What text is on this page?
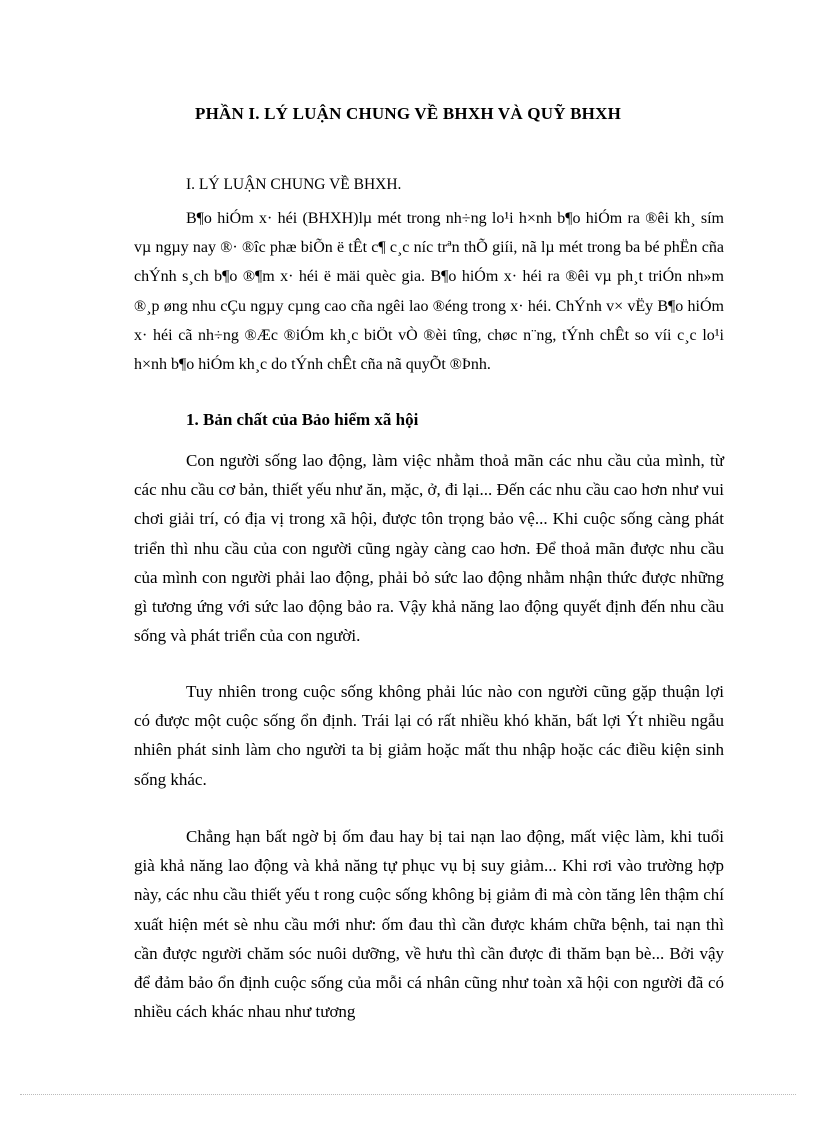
PHẦN I. LÝ LUẬN CHUNG VỀ BHXH VÀ QUỸ BHXH
I. LÝ LUẬN CHUNG VỀ BHXH.

B¶o hiÓm x· héi (BHXH)lµ mét trong nh÷ng lo¹i h×nh b¶o hiÓm ra ®êi kh¸ sím vµ ngµy nay ®· ®îc phæ biÕn ë tÊt c¶ c¸c níc trªn thÕ giíi, nã lµ mét trong ba bé phËn cña chÝnh s¸ch b¶o ®¶m x· héi ë mäi quèc gia. B¶o hiÓm x· héi ra ®êi vµ ph¸t triÓn nh»m ®¸p øng nhu cÇu ngµy cµng cao cña ngêi lao ®éng trong x· héi. ChÝnh v× vËy B¶o hiÓm x· héi cã nh÷ng ®Æc ®iÓm kh¸c biÖt vÒ ®èi tîng, chøc n¨ng, tÝnh chÊt so víi c¸c lo¹i h×nh b¶o hiÓm kh¸c do tÝnh chÊt cña nã quyÕt ®Þnh.

1. Bản chất của Bảo hiểm xã hội

Con người sống lao động, làm việc nhằm thoả mãn các nhu cầu của mình, từ các nhu cầu cơ bản, thiết yếu như ăn, mặc, ở, đi lại... Đến các nhu cầu cao hơn như vui chơi giải trí, có địa vị trong xã hội, được tôn trọng bảo vệ... Khi cuộc sống càng phát triển thì nhu cầu của con người cũng ngày càng cao hơn. Để thoả mãn được nhu cầu của mình con người phải lao động, phải bỏ sức lao động nhằm nhận thức được những gì tương ứng với sức lao động bảo ra. Vậy khả năng lao động quyết định đến nhu cầu sống và phát triển của con người.

Tuy nhiên trong cuộc sống không phải lúc nào con người cũng gặp thuận lợi có được một cuộc sống ổn định. Trái lại có rất nhiều khó khăn, bất lợi Ýt nhiều ngẫu nhiên phát sinh làm cho người ta bị giảm hoặc mất thu nhập hoặc các điều kiện sinh sống khác.

Chẳng hạn bất ngờ bị ốm đau hay bị tai nạn lao động, mất việc làm, khi tuổi già khả năng lao động và khả năng tự phục vụ bị suy giảm... Khi rơi vào trường hợp này, các nhu cầu thiết yếu t rong cuộc sống không bị giảm đi mà còn tăng lên thậm chí xuất hiện mét sè nhu cầu mới như: ốm đau thì cần được khám chữa bệnh, tai nạn thì cần được người chăm sóc nuôi dưỡng, về hưu thì cần được đi thăm bạn bè... Bởi vậy để đảm bảo ổn định cuộc sống của mỗi cá nhân cũng như toàn xã hội con người đã có nhiều cách khác nhau như tương
